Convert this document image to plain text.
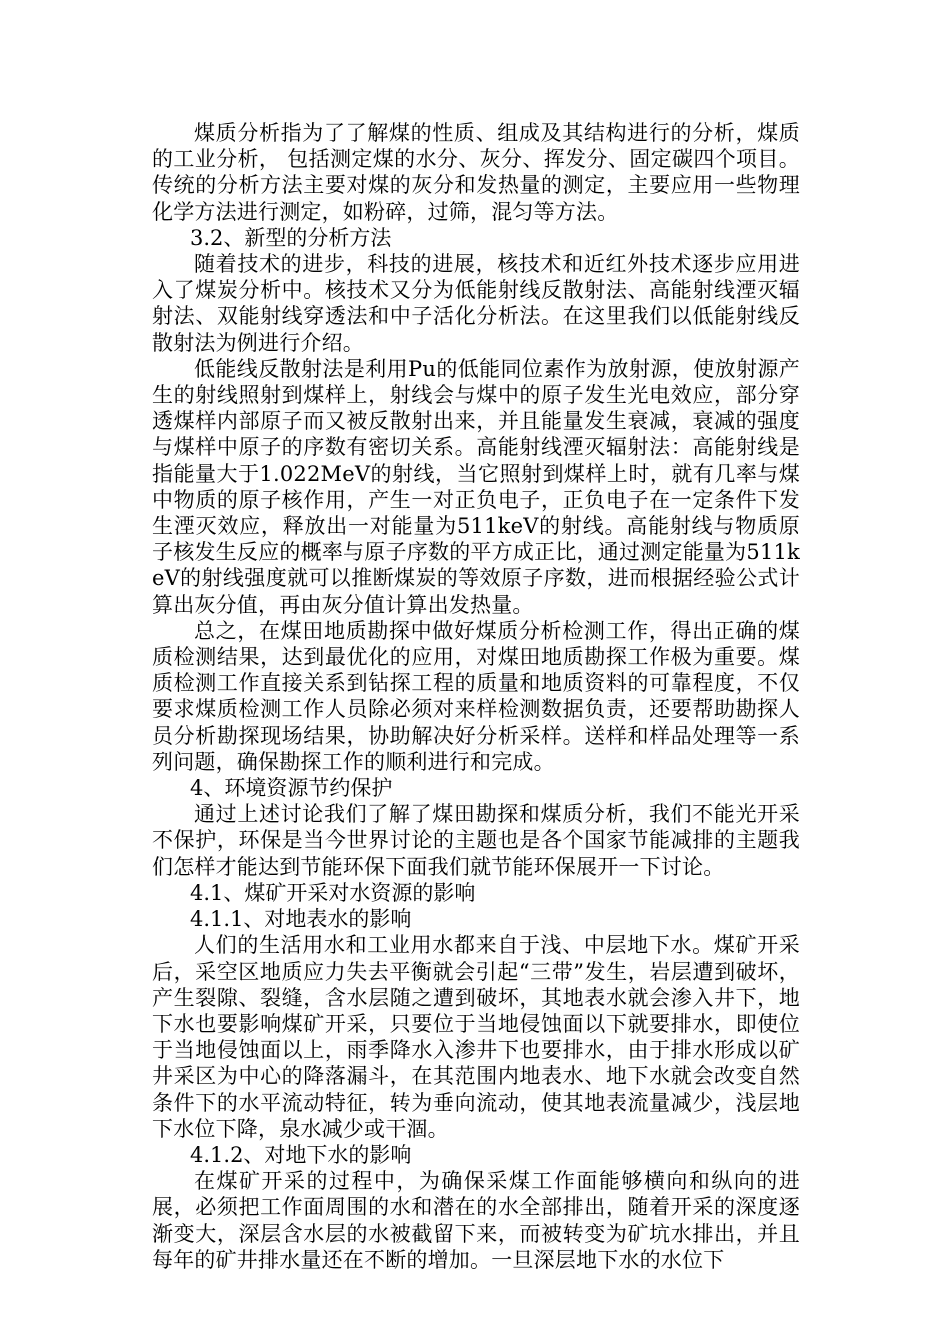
煤质分析指为了了解煤的性质、组成及其结构进行的分析，煤质的工业分析， 包括测定煤的水分、灰分、挥发分、固定碳四个项目。传统的分析方法主要对煤的灰分和发热量的测定，主要应用一些物理化学方法进行测定，如粉碎，过筛，混匀等方法。

3.2、新型的分析方法

随着技术的进步，科技的进展，核技术和近红外技术逐步应用进入了煤炭分析中。核技术又分为低能射线反散射法、高能射线湮灭辐射法、双能射线穿透法和中子活化分析法。在这里我们以低能射线反散射法为例进行介绍。

低能线反散射法是利用Pu的低能同位素作为放射源，使放射源产生的射线照射到煤样上，射线会与煤中的原子发生光电效应，部分穿透煤样内部原子而又被反散射出来，并且能量发生衰减，衰减的强度与煤样中原子的序数有密切关系。高能射线湮灭辐射法：高能射线是指能量大于1.022MeV的射线，当它照射到煤样上时，就有几率与煤中物质的原子核作用，产生一对正负电子，正负电子在一定条件下发生湮灭效应，释放出一对能量为511keV的射线。高能射线与物质原子核发生反应的概率与原子序数的平方成正比，通过测定能量为511keV的射线强度就可以推断煤炭的等效原子序数，进而根据经验公式计算出灰分值，再由灰分值计算出发热量。

总之，在煤田地质勘探中做好煤质分析检测工作，得出正确的煤质检测结果，达到最优化的应用，对煤田地质勘探工作极为重要。煤质检测工作直接关系到钻探工程的质量和地质资料的可靠程度，不仅要求煤质检测工作人员除必须对来样检测数据负责，还要帮助勘探人员分析勘探现场结果，协助解决好分析采样。送样和样品处理等一系列问题，确保勘探工作的顺利进行和完成。

4、环境资源节约保护

通过上述讨论我们了解了煤田勘探和煤质分析，我们不能光开采不保护，环保是当今世界讨论的主题也是各个国家节能减排的主题我们怎样才能达到节能环保下面我们就节能环保展开一下讨论。

4.1、煤矿开采对水资源的影响

4.1.1、对地表水的影响

人们的生活用水和工业用水都来自于浅、中层地下水。煤矿开采后，采空区地质应力失去平衡就会引起“三带”发生，岩层遭到破坏，产生裂隙、裂缝，含水层随之遭到破坏，其地表水就会渗入井下，地下水也要影响煤矿开采，只要位于当地侵蚀面以下就要排水，即使位于当地侵蚀面以上，雨季降水入渗井下也要排水，由于排水形成以矿井采区为中心的降落漏斗，在其范围内地表水、地下水就会改变自然条件下的水平流动特征，转为垂向流动，使其地表流量减少，浅层地下水位下降，泉水减少或干涸。

4.1.2、对地下水的影响

在煤矿开采的过程中，为确保采煤工作面能够横向和纵向的进展，必须把工作面周围的水和潜在的水全部排出，随着开采的深度逐渐变大，深层含水层的水被截留下来，而被转变为矿坑水排出，并且每年的矿井排水量还在不断的增加。一旦深层地下水的水位下
